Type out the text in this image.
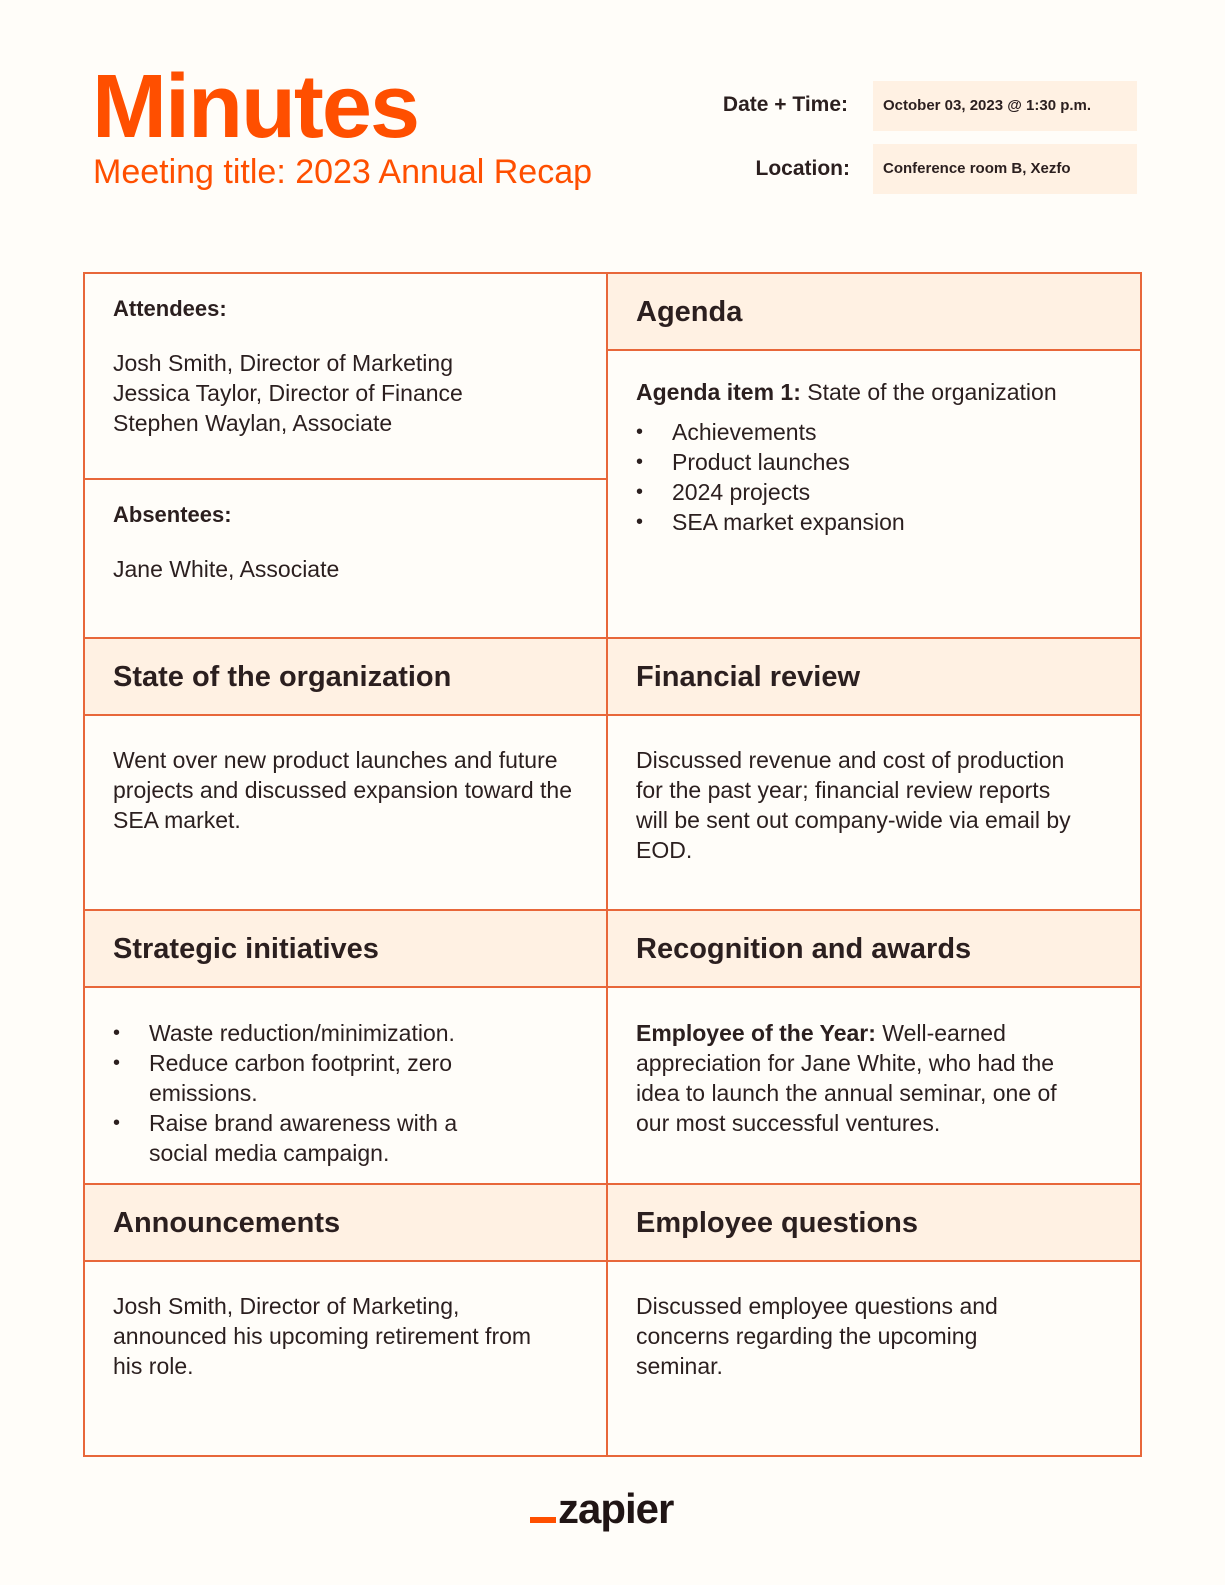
Minutes
Meeting title: 2023 Annual Recap
Date + Time:	October 03, 2023 @ 1:30 p.m.
Location:	Conference room B, Xezfo
Attendees:
Josh Smith, Director of Marketing
Jessica Taylor, Director of Finance
Stephen Waylan, Associate
Absentees:
Jane White, Associate
Agenda
Agenda item 1: State of the organization
• Achievements
• Product launches
• 2024 projects
• SEA market expansion
State of the organization
Went over new product launches and future projects and discussed expansion toward the SEA market.
Financial review
Discussed revenue and cost of production for the past year; financial review reports will be sent out company-wide via email by EOD.
Strategic initiatives
• Waste reduction/minimization.
• Reduce carbon footprint, zero emissions.
• Raise brand awareness with a social media campaign.
Recognition and awards
Employee of the Year: Well-earned appreciation for Jane White, who had the idea to launch the annual seminar, one of our most successful ventures.
Announcements
Josh Smith, Director of Marketing, announced his upcoming retirement from his role.
Employee questions
Discussed employee questions and concerns regarding the upcoming seminar.
zapier
